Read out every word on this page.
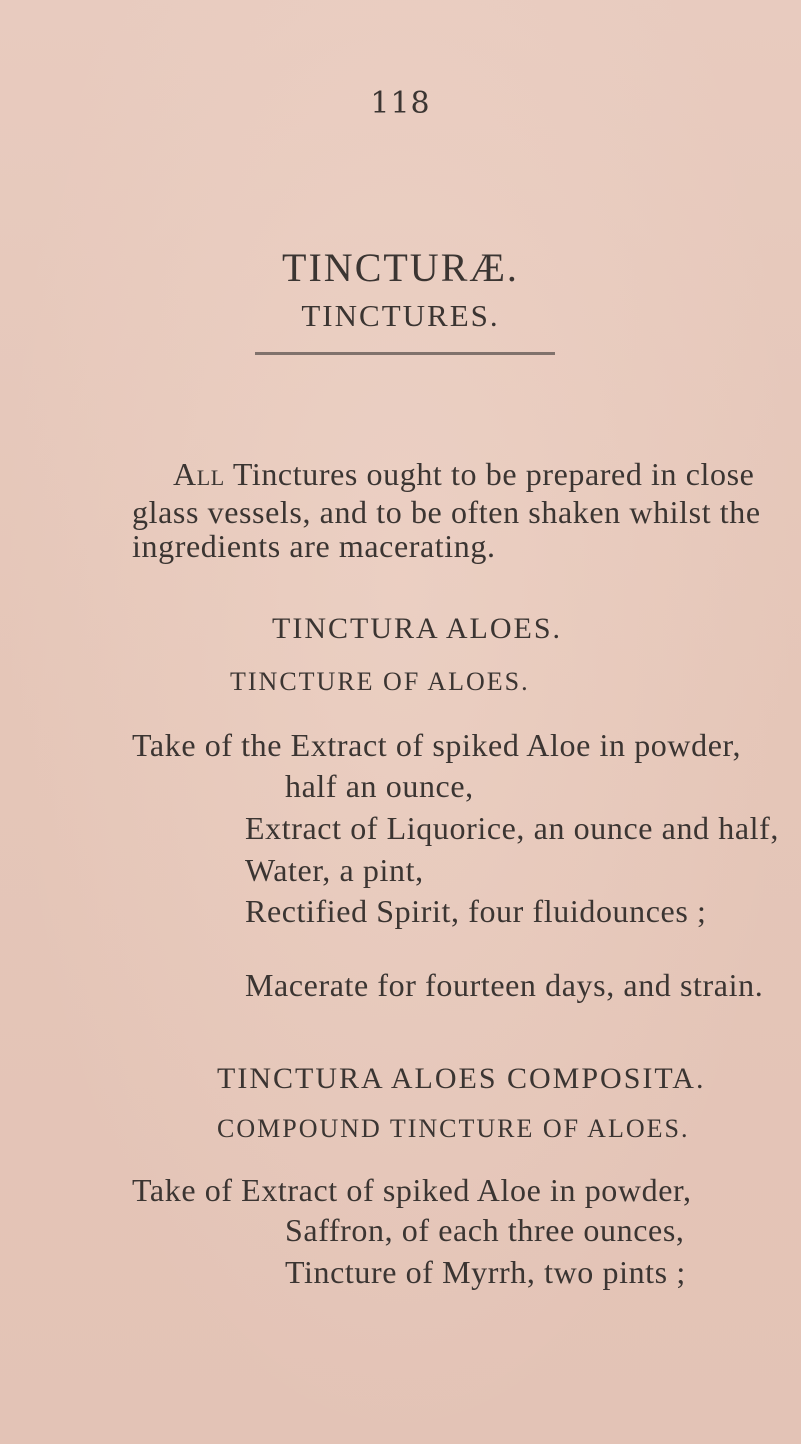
118
TINCTURÆ.
TINCTURES.
All Tinctures ought to be prepared in close
glass vessels, and to be often shaken whilst the
ingredients are macerating.
TINCTURA ALOES.
TINCTURE OF ALOES.
Take of the Extract of spiked Aloe in powder,
half an ounce,
Extract of Liquorice, an ounce and half,
Water, a pint,
Rectified Spirit, four fluidounces ;
Macerate for fourteen days, and strain.
TINCTURA ALOES COMPOSITA.
COMPOUND TINCTURE OF ALOES.
Take of Extract of spiked Aloe in powder,
Saffron, of each three ounces,
Tincture of Myrrh, two pints ;
